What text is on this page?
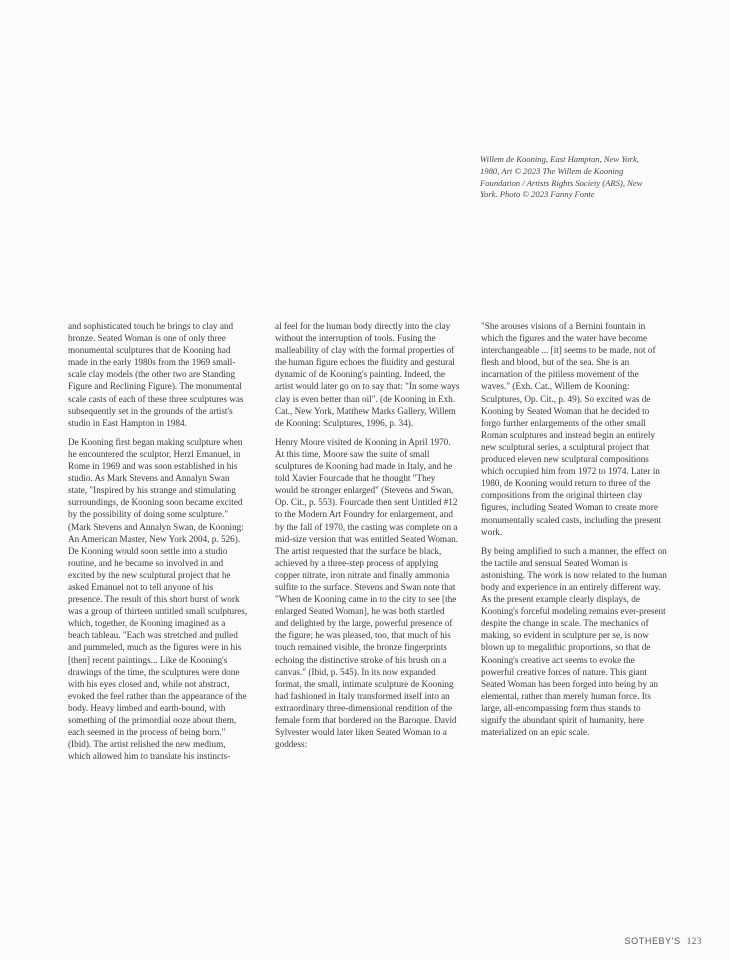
Willem de Kooning, East Hampton, New York, 1980, Art © 2023 The Willem de Kooning Foundation / Artists Rights Society (ARS), New York. Photo © 2023 Fanny Fonte

and sophisticated touch he brings to clay and bronze. Seated Woman is one of only three monumental sculptures that de Kooning had made in the early 1980s from the 1969 small-scale clay models (the other two are Standing Figure and Reclining Figure). The monumental scale casts of each of these three sculptures was subsequently set in the grounds of the artist's studio in East Hampton in 1984.

De Kooning first began making sculpture when he encountered the sculptor, Herzl Emanuel, in Rome in 1969 and was soon established in his studio. As Mark Stevens and Annalyn Swan state, "Inspired by his strange and stimulating surroundings, de Kooning soon became excited by the possibility of doing some sculpture." (Mark Stevens and Annalyn Swan, de Kooning: An American Master, New York 2004, p. 526). De Kooning would soon settle into a studio routine, and he became so involved in and excited by the new sculptural project that he asked Emanuel not to tell anyone of his presence. The result of this short burst of work was a group of thirteen untitled small sculptures, which, together, de Kooning imagined as a beach tableau. "Each was stretched and pulled and pummeled, much as the figures were in his [then] recent paintings... Like de Kooning's drawings of the time, the sculptures were done with his eyes closed and, while not abstract, evoked the feel rather than the appearance of the body. Heavy limbed and earth-bound, with something of the primordial ooze about them, each seemed in the process of being born." (Ibid). The artist relished the new medium, which allowed him to translate his instincts-

al feel for the human body directly into the clay without the interruption of tools. Fusing the malleability of clay with the formal properties of the human figure echoes the fluidity and gestural dynamic of de Kooning's painting. Indeed, the artist would later go on to say that: "In some ways clay is even better than oil". (de Kooning in Exh. Cat., New York, Matthew Marks Gallery, Willem de Kooning: Sculptures, 1996, p. 34).

Henry Moore visited de Kooning in April 1970. At this time, Moore saw the suite of small sculptures de Kooning had made in Italy, and he told Xavier Fourcade that he thought "They would be stronger enlarged" (Stevens and Swan, Op. Cit., p. 553). Fourcade then sent Untitled #12 to the Modern Art Foundry for enlargement, and by the fall of 1970, the casting was complete on a mid-size version that was entitled Seated Woman. The artist requested that the surface be black, achieved by a three-step process of applying copper nitrate, iron nitrate and finally ammonia sulfite to the surface. Stevens and Swan note that "When de Kooning came in to the city to see [the enlarged Seated Woman], he was both startled and delighted by the large, powerful presence of the figure; he was pleased, too, that much of his touch remained visible, the bronze fingerprints echoing the distinctive stroke of his brush on a canvas." (Ibid, p. 545). In its now expanded format, the small, intimate sculpture de Kooning had fashioned in Italy transformed itself into an extraordinary three-dimensional rendition of the female form that bordered on the Baroque. David Sylvester would later liken Seated Woman to a goddess:

"She arouses visions of a Bernini fountain in which the figures and the water have become interchangeable ... [it] seems to be made, not of flesh and blood, but of the sea. She is an incarnation of the pitiless movement of the waves." (Exh. Cat., Willem de Kooning: Sculptures, Op. Cit., p. 49). So excited was de Kooning by Seated Woman that he decided to forgo further enlargements of the other small Roman sculptures and instead begin an entirely new sculptural series, a sculptural project that produced eleven new sculptural compositions which occupied him from 1972 to 1974. Later in 1980, de Kooning would return to three of the compositions from the original thirteen clay figures, including Seated Woman to create more monumentally scaled casts, including the present work.

By being amplified to such a manner, the effect on the tactile and sensual Seated Woman is astonishing. The work is now related to the human body and experience in an entirely different way. As the present example clearly displays, de Kooning's forceful modeling remains ever-present despite the change in scale. The mechanics of making, so evident in sculpture per se, is now blown up to megalithic proportions, so that de Kooning's creative act seems to evoke the powerful creative forces of nature. This giant Seated Woman has been forged into being by an elemental, rather than merely human force. Its large, all-encompassing form thus stands to signify the abundant spirit of humanity, here materialized on an epic scale.

SOTHEBY'S 123
